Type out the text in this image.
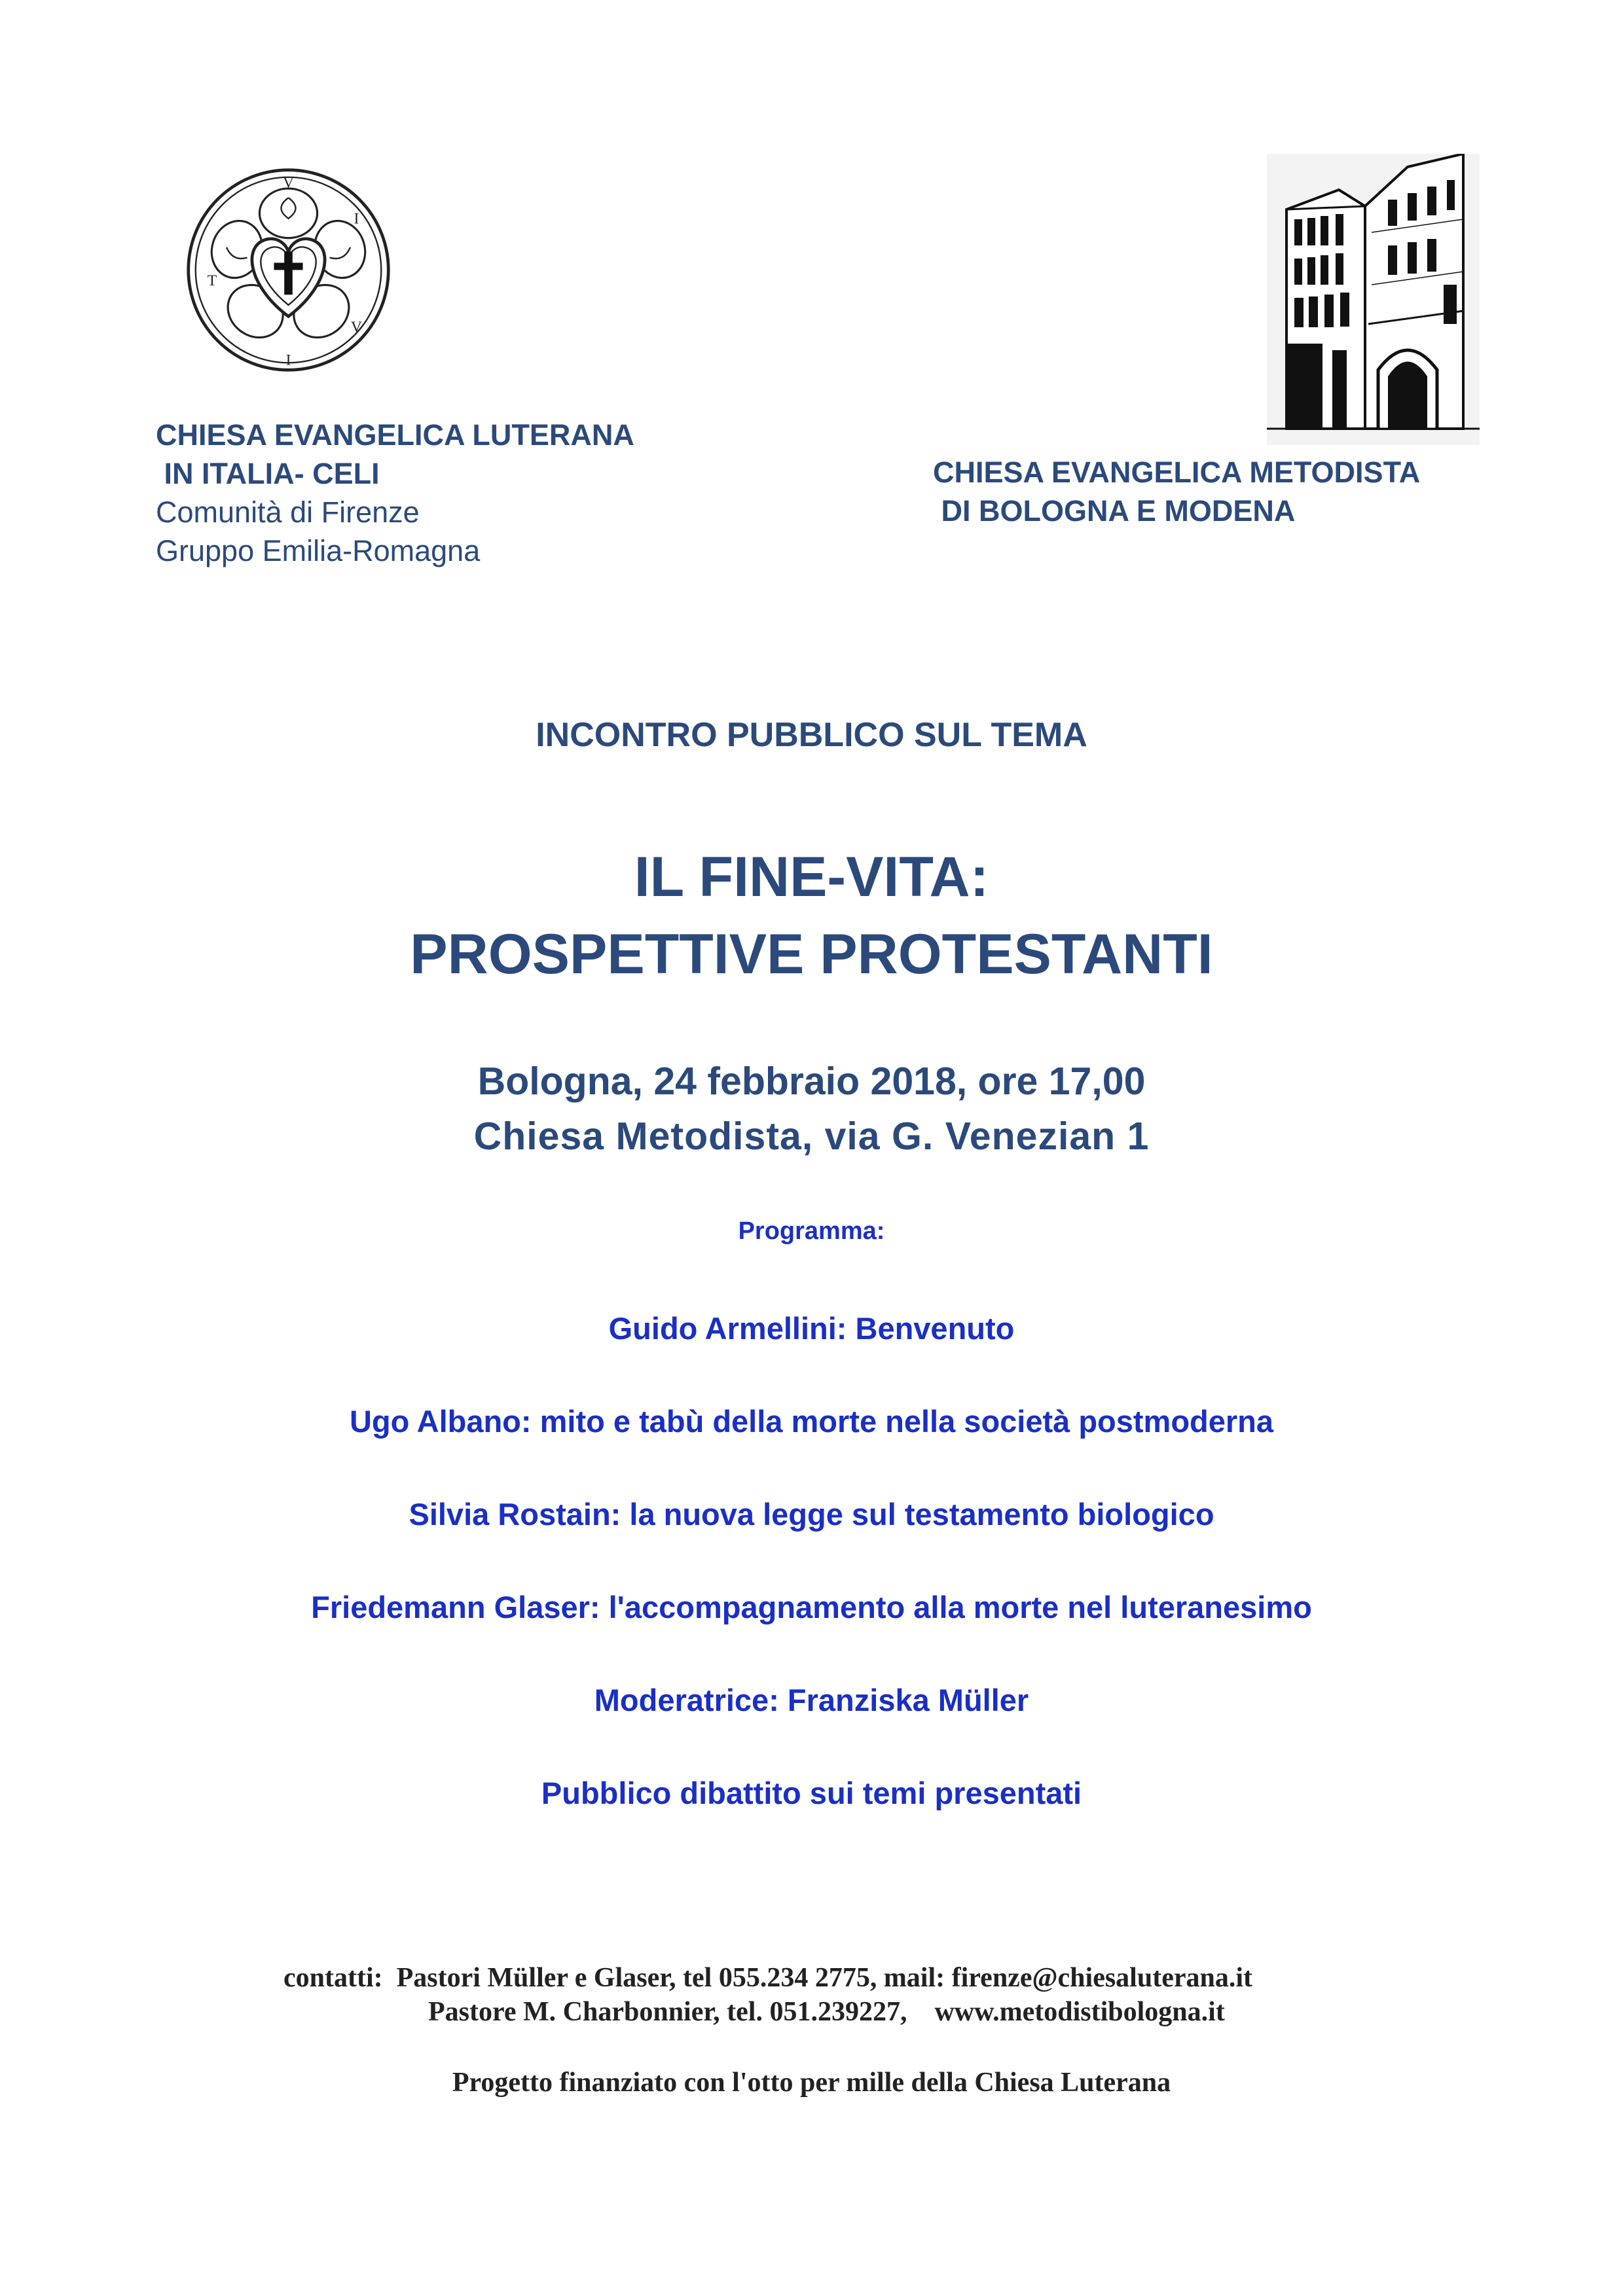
V
I
V
I
T
CHIESA EVANGELICA LUTERANA
IN ITALIA- CELI
Comunità di Firenze
Gruppo Emilia-Romagna
CHIESA EVANGELICA METODISTA
DI BOLOGNA E MODENA
INCONTRO PUBBLICO SUL TEMA
IL FINE-VITA:
PROSPETTIVE PROTESTANTI
Bologna, 24 febbraio 2018, ore 17,00
Chiesa Metodista, via G. Venezian 1
Programma:
Guido Armellini: Benvenuto
Ugo Albano: mito e tabù della morte nella società postmoderna
Silvia Rostain: la nuova legge sul testamento biologico
Friedemann Glaser: l'accompagnamento alla morte nel luteranesimo
Moderatrice: Franziska Müller
Pubblico dibattito sui temi presentati
contatti:  Pastori Müller e Glaser, tel 055.234 2775, mail: firenze@chiesaluterana.it
Pastore M. Charbonnier, tel. 051.239227,    www.metodistibologna.it
Progetto finanziato con l'otto per mille della Chiesa Luterana
